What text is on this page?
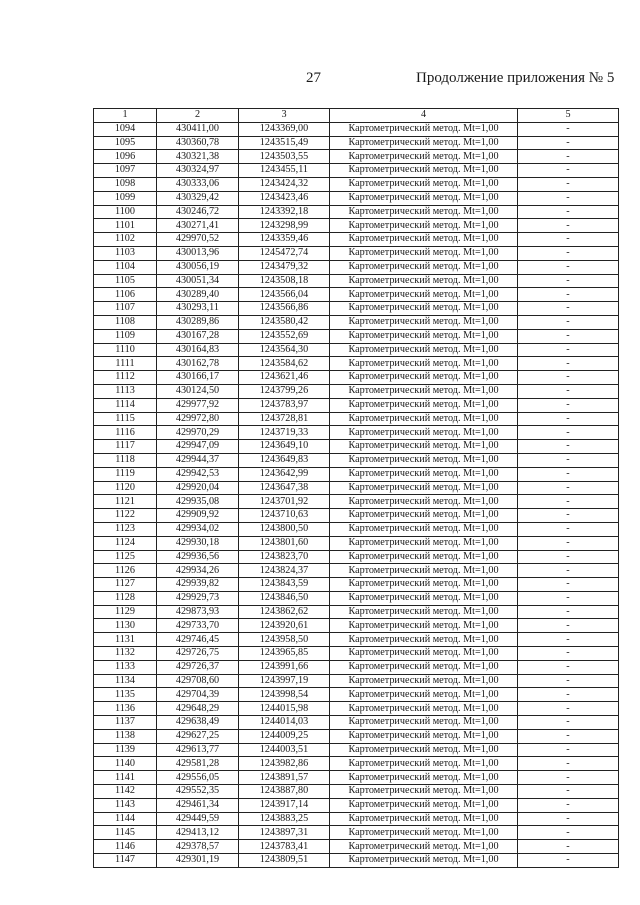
27	Продолжение приложения № 5
1	2	3	4	5
1094	430411,00	1243369,00	Картометрический метод. Mt=1,00	-
1095	430360,78	1243515,49	Картометрический метод. Mt=1,00	-
1096	430321,38	1243503,55	Картометрический метод. Mt=1,00	-
1097	430324,97	1243455,11	Картометрический метод. Mt=1,00	-
1098	430333,06	1243424,32	Картометрический метод. Mt=1,00	-
1099	430329,42	1243423,46	Картометрический метод. Mt=1,00	-
1100	430246,72	1243392,18	Картометрический метод. Mt=1,00	-
1101	430271,41	1243298,99	Картометрический метод. Mt=1,00	-
1102	429970,52	1243359,46	Картометрический метод. Mt=1,00	-
1103	430013,96	1245472,74	Картометрический метод. Mt=1,00	-
1104	430056,19	1243479,32	Картометрический метод. Mt=1,00	-
1105	430051,34	1243508,18	Картометрический метод. Mt=1,00	-
1106	430289,40	1243566,04	Картометрический метод. Mt=1,00	-
1107	430293,11	1243566,86	Картометрический метод. Mt=1,00	-
1108	430289,86	1243580,42	Картометрический метод. Mt=1,00	-
1109	430167,28	1243552,69	Картометрический метод. Mt=1,00	-
1110	430164,83	1243564,30	Картометрический метод. Mt=1,00	-
1111	430162,78	1243584,62	Картометрический метод. Mt=1,00	-
1112	430166,17	1243621,46	Картометрический метод. Mt=1,00	-
1113	430124,50	1243799,26	Картометрический метод. Mt=1,00	-
1114	429977,92	1243783,97	Картометрический метод. Mt=1,00	-
1115	429972,80	1243728,81	Картометрический метод. Mt=1,00	-
1116	429970,29	1243719,33	Картометрический метод. Mt=1,00	-
1117	429947,09	1243649,10	Картометрический метод. Mt=1,00	-
1118	429944,37	1243649,83	Картометрический метод. Mt=1,00	-
1119	429942,53	1243642,99	Картометрический метод. Mt=1,00	-
1120	429920,04	1243647,38	Картометрический метод. Mt=1,00	-
1121	429935,08	1243701,92	Картометрический метод. Mt=1,00	-
1122	429909,92	1243710,63	Картометрический метод. Mt=1,00	-
1123	429934,02	1243800,50	Картометрический метод. Mt=1,00	-
1124	429930,18	1243801,60	Картометрический метод. Mt=1,00	-
1125	429936,56	1243823,70	Картометрический метод. Mt=1,00	-
1126	429934,26	1243824,37	Картометрический метод. Mt=1,00	-
1127	429939,82	1243843,59	Картометрический метод. Mt=1,00	-
1128	429929,73	1243846,50	Картометрический метод. Mt=1,00	-
1129	429873,93	1243862,62	Картометрический метод. Mt=1,00	-
1130	429733,70	1243920,61	Картометрический метод. Mt=1,00	-
1131	429746,45	1243958,50	Картометрический метод. Mt=1,00	-
1132	429726,75	1243965,85	Картометрический метод. Mt=1,00	-
1133	429726,37	1243991,66	Картометрический метод. Mt=1,00	-
1134	429708,60	1243997,19	Картометрический метод. Mt=1,00	-
1135	429704,39	1243998,54	Картометрический метод. Mt=1,00	-
1136	429648,29	1244015,98	Картометрический метод. Mt=1,00	-
1137	429638,49	1244014,03	Картометрический метод. Mt=1,00	-
1138	429627,25	1244009,25	Картометрический метод. Mt=1,00	-
1139	429613,77	1244003,51	Картометрический метод. Mt=1,00	-
1140	429581,28	1243982,86	Картометрический метод. Mt=1,00	-
1141	429556,05	1243891,57	Картометрический метод. Mt=1,00	-
1142	429552,35	1243887,80	Картометрический метод. Mt=1,00	-
1143	429461,34	1243917,14	Картометрический метод. Mt=1,00	-
1144	429449,59	1243883,25	Картометрический метод. Mt=1,00	-
1145	429413,12	1243897,31	Картометрический метод. Mt=1,00	-
1146	429378,57	1243783,41	Картометрический метод. Mt=1,00	-
1147	429301,19	1243809,51	Картометрический метод. Mt=1,00	-
